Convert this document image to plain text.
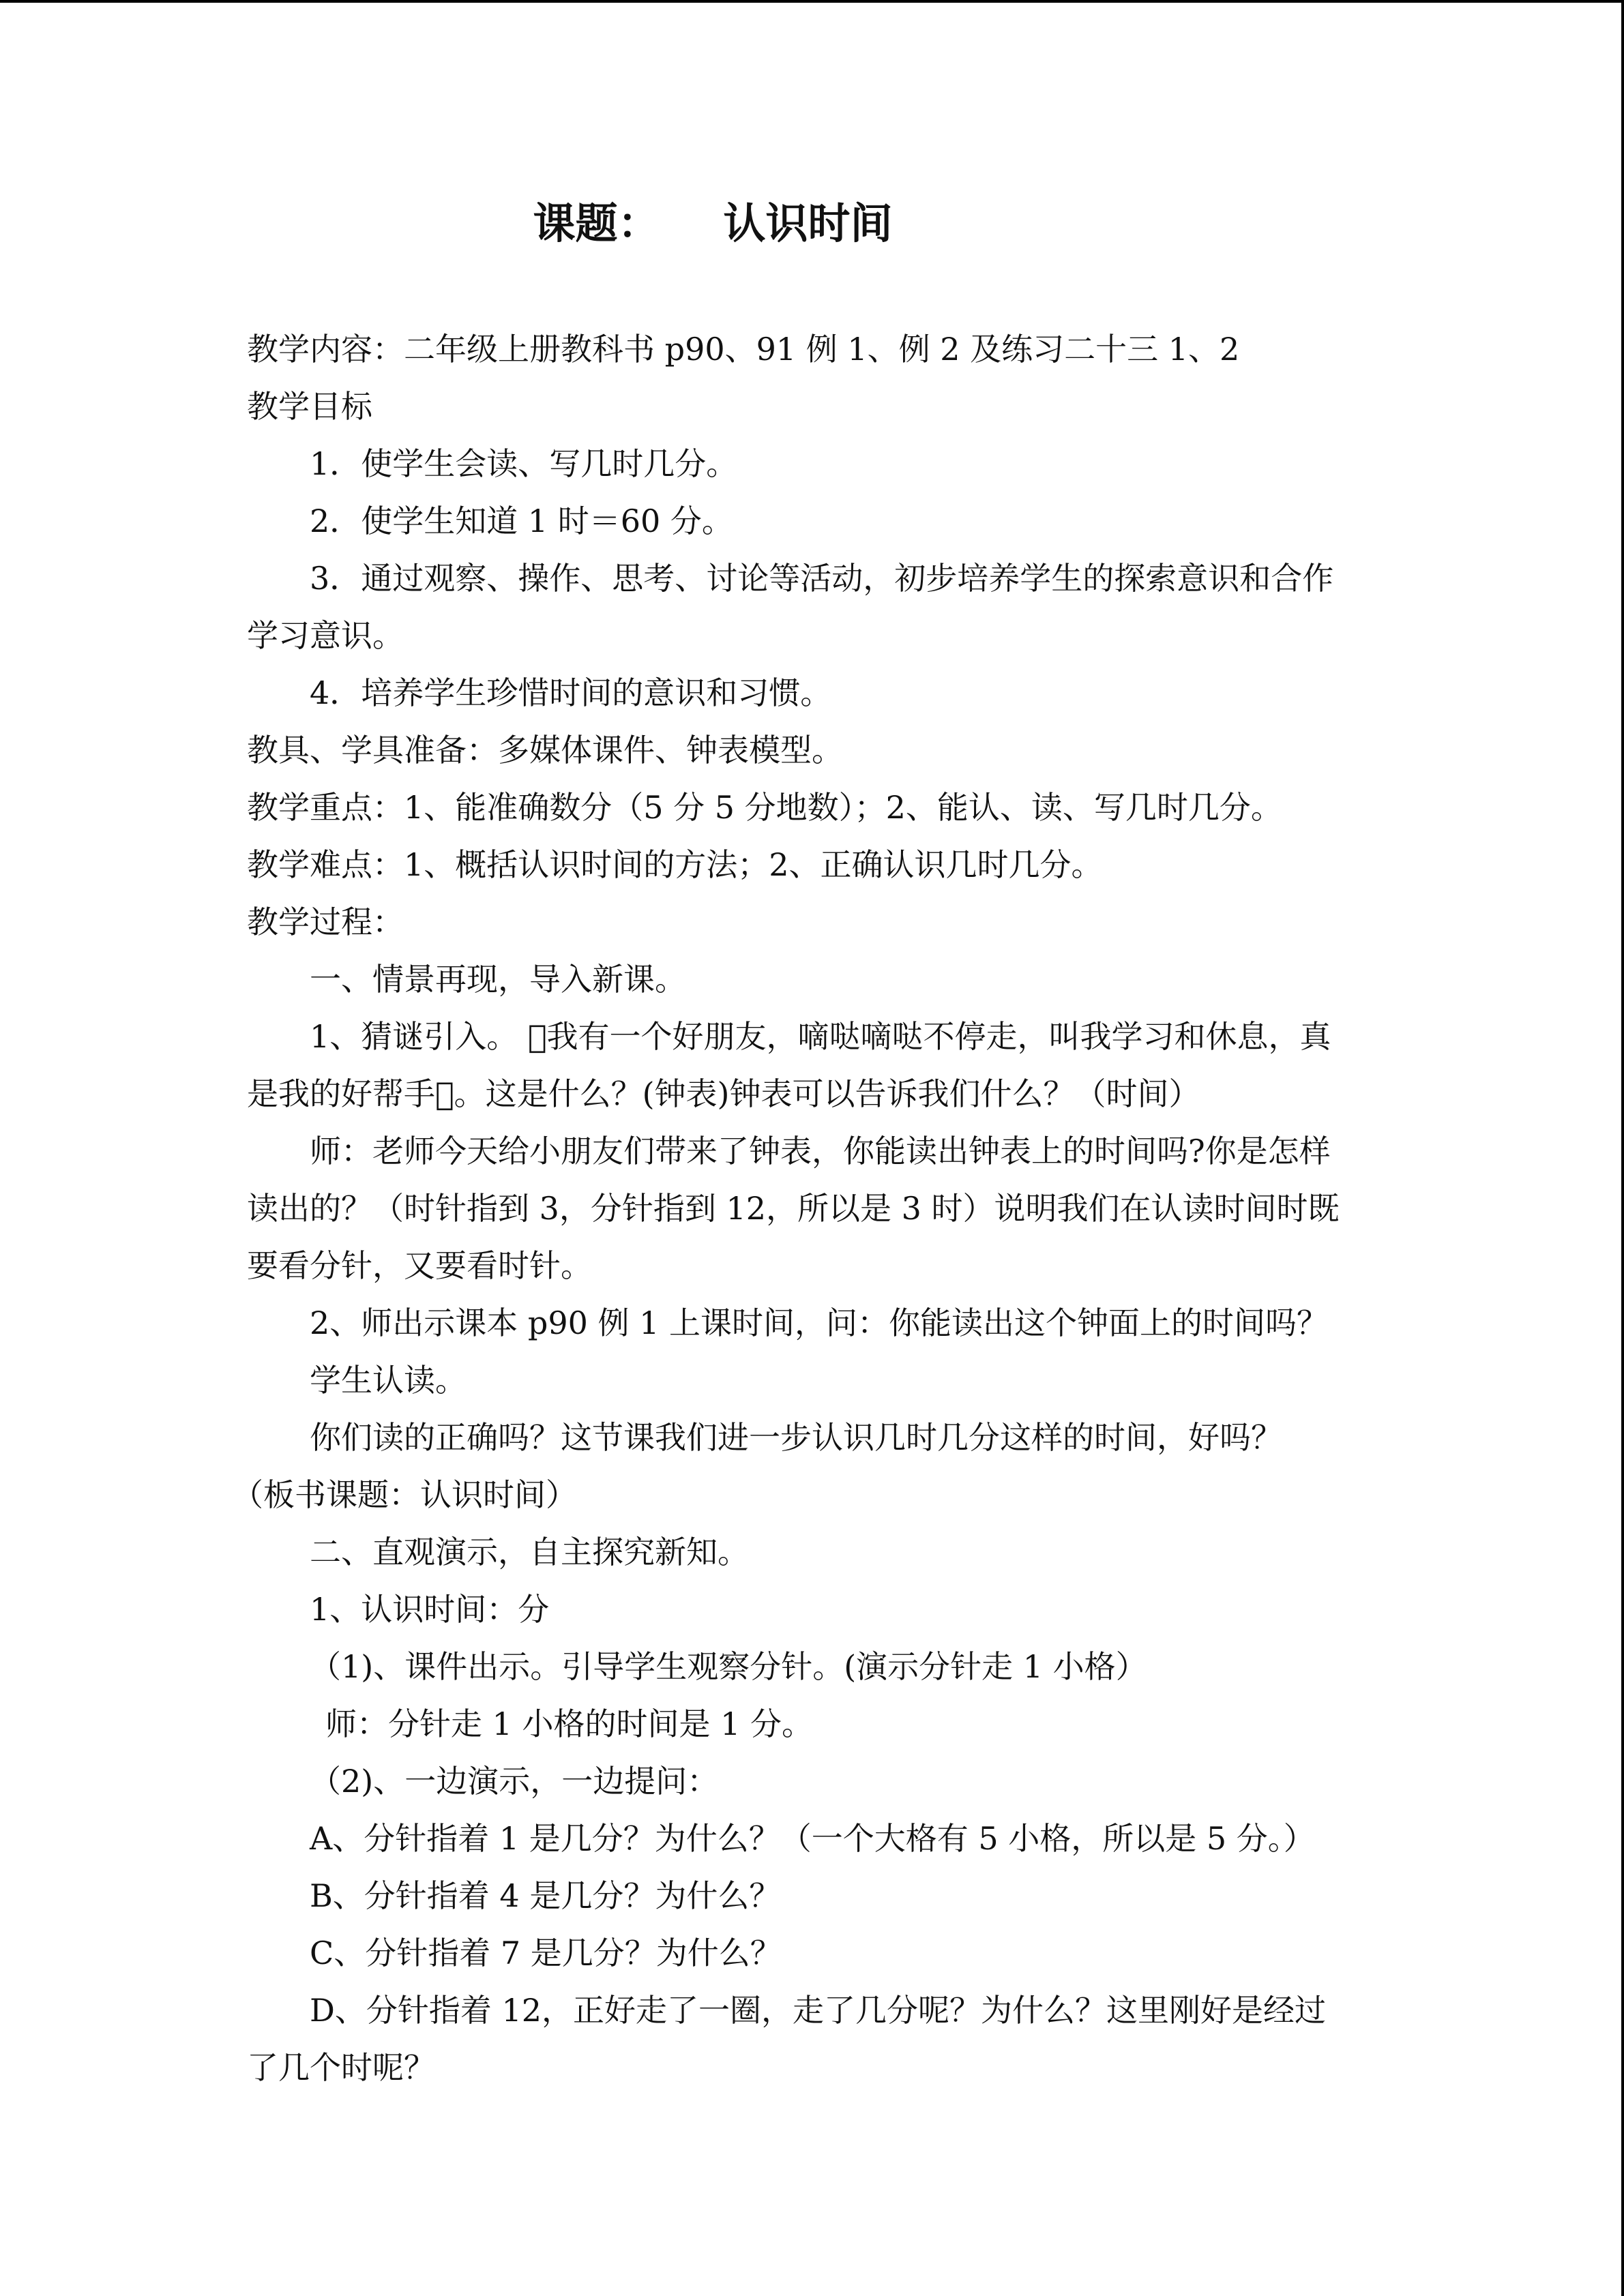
课题：　　认识时间
教学内容：二年级上册教科书 p90、91 例 1、例 2 及练习二十三 1、2
教学目标
1．使学生会读、写几时几分。
2．使学生知道 1 时＝60 分。
3．通过观察、操作、思考、讨论等活动，初步培养学生的探索意识和合作
学习意识。
4．培养学生珍惜时间的意识和习惯。
教具、学具准备：多媒体课件、钟表模型。
教学重点：1、能准确数分（5 分 5 分地数）；2、能认、读、写几时几分。
教学难点：1、概括认识时间的方法；2、正确认识几时几分。
教学过程：
一、情景再现，导入新课。
1、猜谜引入。  我有一个好朋友，嘀哒嘀哒不停走，叫我学习和休息，真
是我的好帮手 。这是什么？(钟表)钟表可以告诉我们什么？（时间）
师：老师今天给小朋友们带来了钟表，你能读出钟表上的时间吗?你是怎样
读出的？（时针指到 3，分针指到 12，所以是 3 时）说明我们在认读时间时既
要看分针，又要看时针。
2、师出示课本 p90 例 1 上课时间，问：你能读出这个钟面上的时间吗？
学生认读。
你们读的正确吗？这节课我们进一步认识几时几分这样的时间，好吗？
（板书课题：认识时间）
二、直观演示，自主探究新知。
1、认识时间：分
（1)、课件出示。引导学生观察分针。(演示分针走 1 小格）
师：分针走 1 小格的时间是 1 分。
（2)、一边演示，一边提问：
A、分针指着 1 是几分？为什么？（一个大格有 5 小格，所以是 5 分。）
B、分针指着 4 是几分？为什么？
C、分针指着 7 是几分？为什么？
D、分针指着 12，正好走了一圈，走了几分呢？为什么？这里刚好是经过
了几个时呢？
